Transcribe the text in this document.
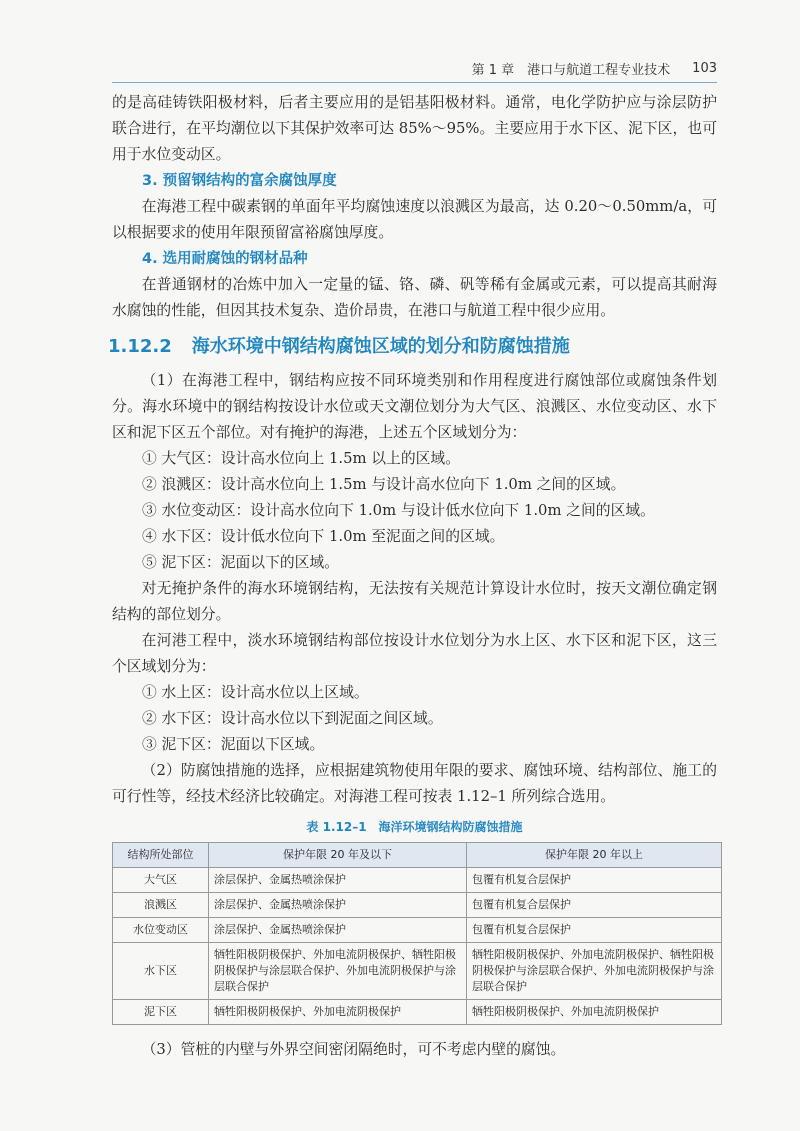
第 1 章　港口与航道工程专业技术 103

的是高硅铸铁阳极材料，后者主要应用的是铝基阳极材料。通常，电化学防护应与涂层防护联合进行，在平均潮位以下其保护效率可达 85%～95%。主要应用于水下区、泥下区，也可用于水位变动区。

3. 预留钢结构的富余腐蚀厚度

在海港工程中碳素钢的单面年平均腐蚀速度以浪溅区为最高，达 0.20～0.50mm/a，可以根据要求的使用年限预留富裕腐蚀厚度。

4. 选用耐腐蚀的钢材品种

在普通钢材的冶炼中加入一定量的锰、铬、磷、矾等稀有金属或元素，可以提高其耐海水腐蚀的性能，但因其技术复杂、造价昂贵，在港口与航道工程中很少应用。

1.12.2 海水环境中钢结构腐蚀区域的划分和防腐蚀措施

（1）在海港工程中，钢结构应按不同环境类别和作用程度进行腐蚀部位或腐蚀条件划分。海水环境中的钢结构按设计水位或天文潮位划分为大气区、浪溅区、水位变动区、水下区和泥下区五个部位。对有掩护的海港，上述五个区域划分为：

① 大气区：设计高水位向上 1.5m 以上的区域。

② 浪溅区：设计高水位向上 1.5m 与设计高水位向下 1.0m 之间的区域。

③ 水位变动区：设计高水位向下 1.0m 与设计低水位向下 1.0m 之间的区域。

④ 水下区：设计低水位向下 1.0m 至泥面之间的区域。

⑤ 泥下区：泥面以下的区域。

对无掩护条件的海水环境钢结构，无法按有关规范计算设计水位时，按天文潮位确定钢结构的部位划分。

在河港工程中，淡水环境钢结构部位按设计水位划分为水上区、水下区和泥下区，这三个区域划分为：

① 水上区：设计高水位以上区域。

② 水下区：设计高水位以下到泥面之间区域。

③ 泥下区：泥面以下区域。

（2）防腐蚀措施的选择，应根据建筑物使用年限的要求、腐蚀环境、结构部位、施工的可行性等，经技术经济比较确定。对海港工程可按表 1.12–1 所列综合选用。

表 1.12–1　海洋环境钢结构防腐蚀措施
结构所处部位	保护年限 20 年及以下	保护年限 20 年以上
大气区	涂层保护、金属热喷涂保护	包覆有机复合层保护
浪溅区	涂层保护、金属热喷涂保护	包覆有机复合层保护
水位变动区	涂层保护、金属热喷涂保护	包覆有机复合层保护
水下区	牺牲阳极阴极保护、外加电流阴极保护、牺牲阳极阴极保护与涂层联合保护、外加电流阴极保护与涂层联合保护	牺牲阳极阴极保护、外加电流阴极保护、牺牲阳极阴极保护与涂层联合保护、外加电流阴极保护与涂层联合保护
泥下区	牺牲阳极阴极保护、外加电流阴极保护	牺牲阳极阴极保护、外加电流阴极保护

（3）管桩的内壁与外界空间密闭隔绝时，可不考虑内壁的腐蚀。
